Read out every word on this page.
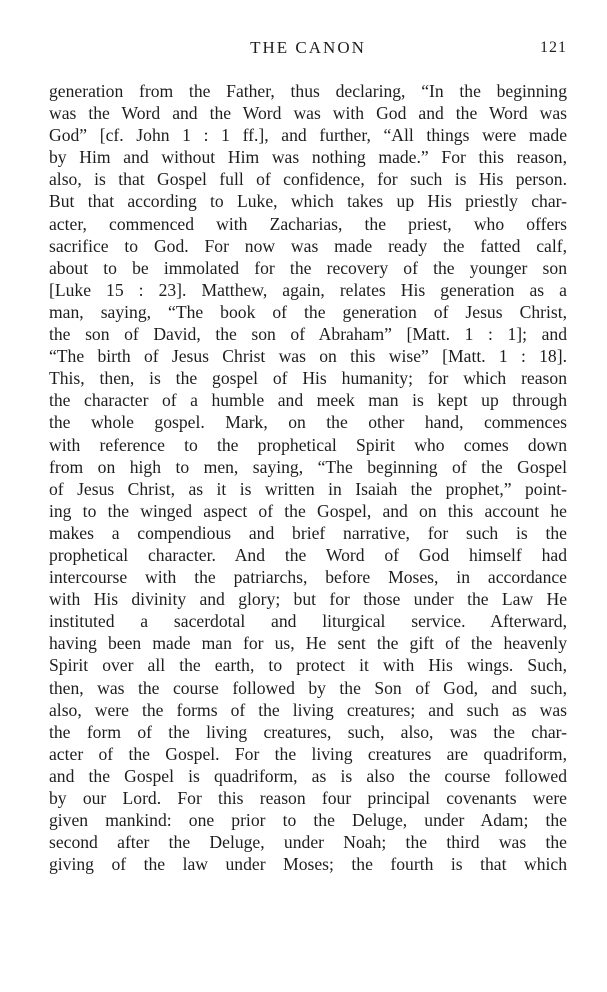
THE CANON	121
generation from the Father, thus declaring, “In the beginning
was the Word and the Word was with God and the Word was
God” [cf. John 1 : 1 ff.], and further, “All things were made
by Him and without Him was nothing made.” For this reason,
also, is that Gospel full of confidence, for such is His person.
But that according to Luke, which takes up His priestly char-
acter, commenced with Zacharias, the priest, who offers
sacrifice to God. For now was made ready the fatted calf,
about to be immolated for the recovery of the younger son
[Luke 15 : 23]. Matthew, again, relates His generation as a
man, saying, “The book of the generation of Jesus Christ,
the son of David, the son of Abraham” [Matt. 1 : 1]; and
“The birth of Jesus Christ was on this wise” [Matt. 1 : 18].
This, then, is the gospel of His humanity; for which reason
the character of a humble and meek man is kept up through
the whole gospel. Mark, on the other hand, commences
with reference to the prophetical Spirit who comes down
from on high to men, saying, “The beginning of the Gospel
of Jesus Christ, as it is written in Isaiah the prophet,” point-
ing to the winged aspect of the Gospel, and on this account he
makes a compendious and brief narrative, for such is the
prophetical character. And the Word of God himself had
intercourse with the patriarchs, before Moses, in accordance
with His divinity and glory; but for those under the Law He
instituted a sacerdotal and liturgical service. Afterward,
having been made man for us, He sent the gift of the heavenly
Spirit over all the earth, to protect it with His wings. Such,
then, was the course followed by the Son of God, and such,
also, were the forms of the living creatures; and such as was
the form of the living creatures, such, also, was the char-
acter of the Gospel. For the living creatures are quadriform,
and the Gospel is quadriform, as is also the course followed
by our Lord. For this reason four principal covenants were
given mankind: one prior to the Deluge, under Adam; the
second after the Deluge, under Noah; the third was the
giving of the law under Moses; the fourth is that which
